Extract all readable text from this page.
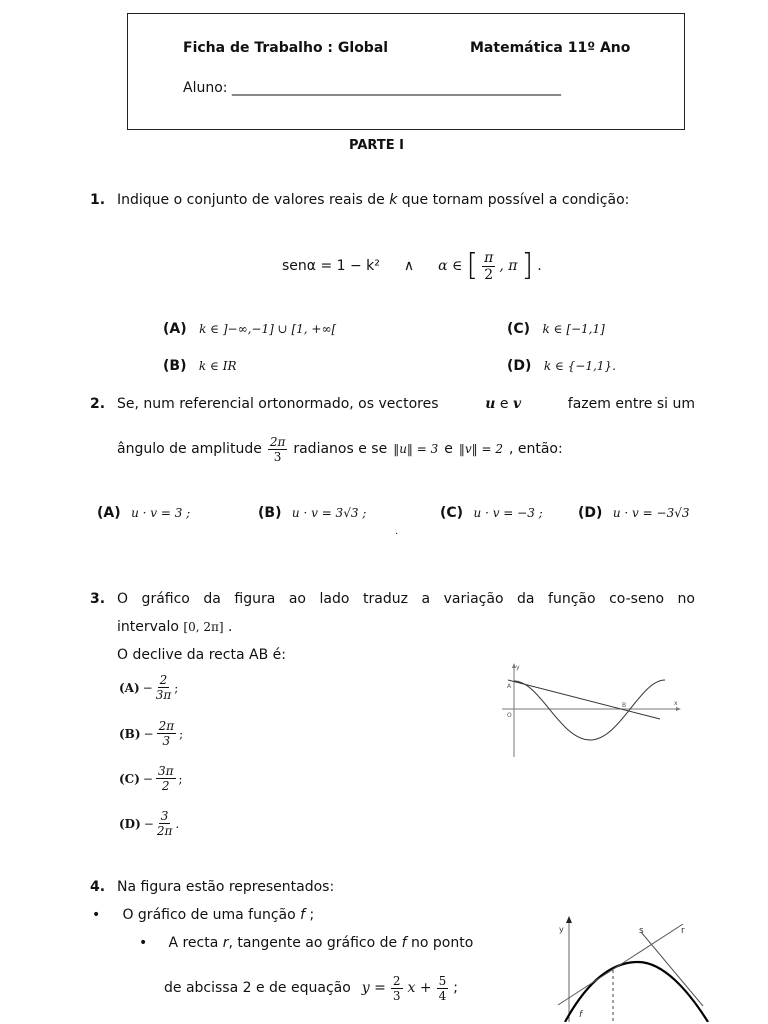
Ficha de Trabalho : Global	Matemática 11º Ano
Aluno: _______________________________________________
PARTE I
1. Indique o conjunto de valores reais de k que tornam possível a condição:
senα = 1 − k² ∧ α ∈ [ $\frac{\pi}{2}$ , π ] .
(A) k ∈ ]−∞,−1] ∪ [1, +∞[
(B) k ∈ IR
(C) k ∈ [−1,1]
(D) k ∈ {−1,1}.
2. Se, num referencial ortonormado, os vectores	u e v	fazem entre si um
ângulo de amplitude $\frac{2\pi}{3}$ radianos e se ‖u‖ = 3 e ‖v‖ = 2 , então:
(A) u · v = 3 ;	(B) u · v = 3√3 ;	(C) u · v = −3 ;	(D) u · v = −3√3
.
3. O gráfico da figura ao lado traduz a variação da função co-seno no
intervalo [0, 2π] .
O declive da recta AB é:
$(A) - \frac{2}{3\pi}$ ;
$(B) - \frac{2\pi}{3}$ ;
$(C) - \frac{3\pi}{2}$ ;
$(D) - \frac{3}{2\pi}$ .
y
x
A
O
B
4. Na figura estão representados:
• O gráfico de uma função f ;
• A recta r, tangente ao gráfico de f no ponto
de abcissa 2 e de equação $y = \frac{2}{3}$ $x + \frac{5}{4}$ ;
y	s	r
f
